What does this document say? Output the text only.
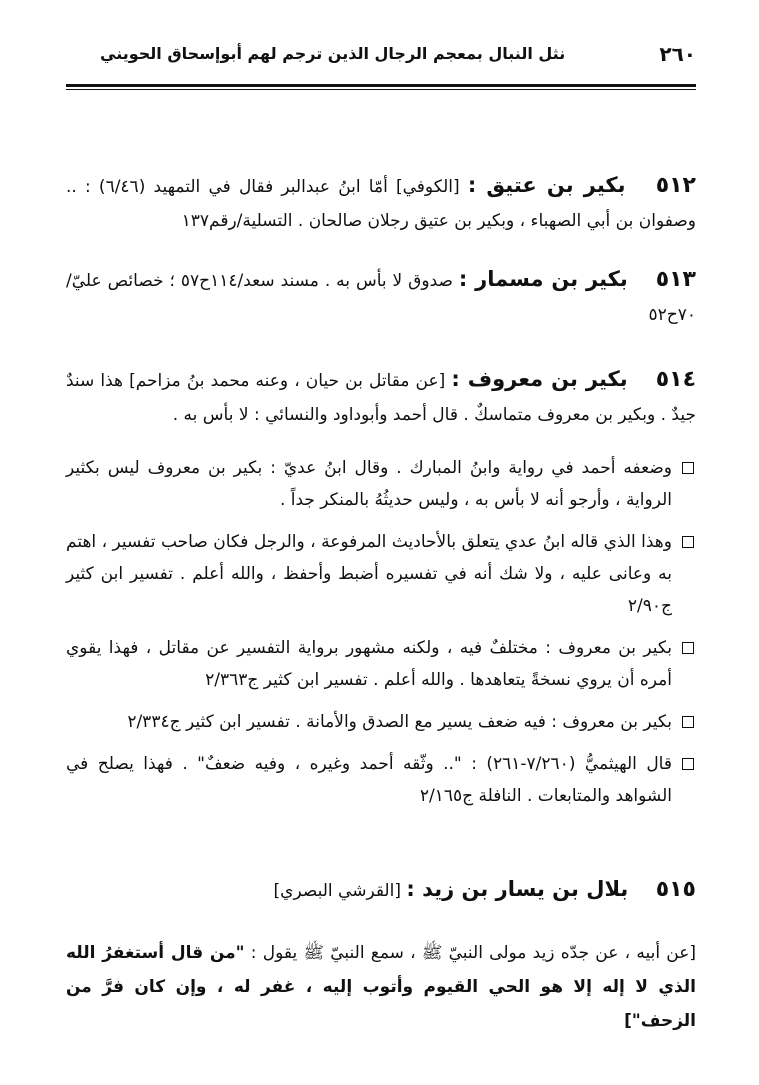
٢٦٠
نثل النبال بمعجم الرجال الذين ترجم لهم أبوإسحاق الحويني

٥١٢ بكير بن عتيق : [الكوفي] أمّا ابنُ عبدالبر فقال في التمهيد (٦/٤٦) : .. وصفوان بن أبي الصهباء ، وبكير بن عتيق رجلان صالحان . التسلية/رقم١٣٧

٥١٣ بكير بن مسمار : صدوق لا بأس به . مسند سعد/١١٤ح٥٧ ؛ خصائص عليّ/٧٠ح٥٢

٥١٤ بكير بن معروف : [عن مقاتل بن حيان ، وعنه محمد بنُ مزاحم] هذا سندٌ جيدٌ . وبكير بن معروف متماسكٌ . قال أحمد وأبوداود والنسائي : لا بأس به .

وضعفه أحمد في رواية وابنُ المبارك . وقال ابنُ عديّ : بكير بن معروف ليس بكثير الرواية ، وأرجو أنه لا بأس به ، وليس حديثُهُ بالمنكر جداً .
وهذا الذي قاله ابنُ عدي يتعلق بالأحاديث المرفوعة ، والرجل فكان صاحب تفسير ، اهتم به وعانى عليه ، ولا شك أنه في تفسيره أضبط وأحفظ ، والله أعلم . تفسير ابن كثير ج٢/٩٠
بكير بن معروف : مختلفٌ فيه ، ولكنه مشهور برواية التفسير عن مقاتل ، فهذا يقوي أمره أن يروي نسخةً يتعاهدها . والله أعلم . تفسير ابن كثير ج٢/٣٦٣
بكير بن معروف : فيه ضعف يسير مع الصدق والأمانة . تفسير ابن كثير ج٢/٣٣٤
قال الهيثميُّ (٧/٢٦٠-٢٦١) : ".. وثّقه أحمد وغيره ، وفيه ضعفٌ" . فهذا يصلح في الشواهد والمتابعات . النافلة ج٢/١٦٥

٥١٥ بلال بن يسار بن زيد : [القرشي البصري]

[عن أبيه ، عن جدّه زيد مولى النبيّ ﷺ ، سمع النبيّ ﷺ يقول : "من قال أستغفرُ الله الذي لا إله إلا هو الحي القيوم وأتوب إليه ، غفر له ، وإن كان فرَّ من الزحف"]
